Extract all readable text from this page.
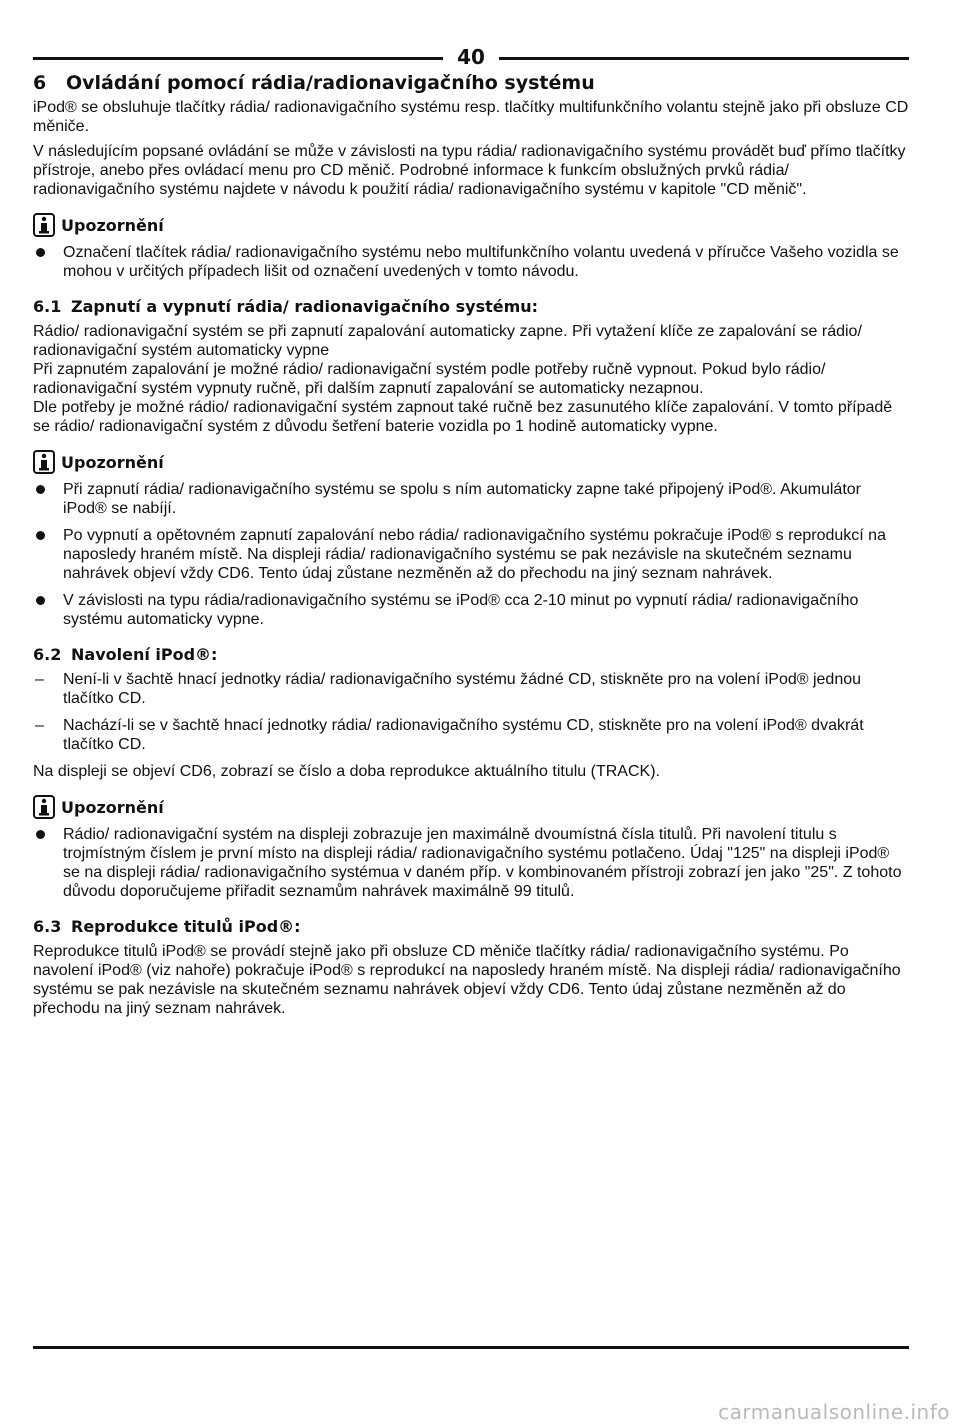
40
6 Ovládání pomocí rádia/radionavigačního systému

iPod® se obsluhuje tlačítky rádia/ radionavigačního systému resp. tlačítky multifunkčního volantu stejně jako při obsluze CD měniče.

V následujícím popsané ovládání se může v závislosti na typu rádia/ radionavigačního systému provádět buď přímo tlačítky přístroje, anebo přes ovládací menu pro CD měnič. Podrobné informace k funkcím obslužných prvků rádia/ radionavigačního systému najdete v návodu k použití rádia/ radionavigačního systému v kapitole "CD měnič".

Upozornění
Označení tlačítek rádia/ radionavigačního systému nebo multifunkčního volantu uvedená v příručce Vašeho vozidla se mohou v určitých případech lišit od označení uvedených v tomto návodu.
6.1 Zapnutí a vypnutí rádia/ radionavigačního systému:

Rádio/ radionavigační systém se při zapnutí zapalování automaticky zapne. Při vytažení klíče ze zapalování se rádio/ radionavigační systém automaticky vypne

Při zapnutém zapalování je možné rádio/ radionavigační systém podle potřeby ručně vypnout. Pokud bylo rádio/ radionavigační systém vypnuty ručně, při dalším zapnutí zapalování se automaticky nezapnou.

Dle potřeby je možné rádio/ radionavigační systém zapnout také ručně bez zasunutého klíče zapalování. V tomto případě se rádio/ radionavigační systém z důvodu šetření baterie vozidla po 1 hodině automaticky vypne.

Upozornění
Při zapnutí rádia/ radionavigačního systému se spolu s ním automaticky zapne také připojený iPod®. Akumulátor iPod® se nabíjí.
Po vypnutí a opětovném zapnutí zapalování nebo rádia/ radionavigačního systému pokračuje iPod® s reprodukcí na naposledy hraném místě. Na displeji rádia/ radionavigačního systému se pak nezávisle na skutečném seznamu nahrávek objeví vždy CD6. Tento údaj zůstane nezměněn až do přechodu na jiný seznam nahrávek.
V závislosti na typu rádia/radionavigačního systému se iPod® cca 2-10 minut po vypnutí rádia/ radionavigačního systému automaticky vypne.
6.2 Navolení iPod®:
– Není-li v šachtě hnací jednotky rádia/ radionavigačního systému žádné CD, stiskněte pro na volení iPod® jednou tlačítko CD.
– Nachází-li se v šachtě hnací jednotky rádia/ radionavigačního systému CD, stiskněte pro na volení iPod® dvakrát tlačítko CD.

Na displeji se objeví CD6, zobrazí se číslo a doba reprodukce aktuálního titulu (TRACK).

Upozornění
Rádio/ radionavigační systém na displeji zobrazuje jen maximálně dvoumístná čísla titulů. Při navolení titulu s trojmístným číslem je první místo na displeji rádia/ radionavigačního systému potlačeno. Údaj "125" na displeji iPod® se na displeji rádia/ radionavigačního systémua v daném příp. v kombinovaném přístroji zobrazí jen jako "25". Z tohoto důvodu doporučujeme přiřadit seznamům nahrávek maximálně 99 titulů.
6.3 Reprodukce titulů iPod®:

Reprodukce titulů iPod® se provádí stejně jako při obsluze CD měniče tlačítky rádia/ radionavigačního systému. Po navolení iPod® (viz nahoře) pokračuje iPod® s reprodukcí na naposledy hraném místě. Na displeji rádia/ radionavigačního systému se pak nezávisle na skutečném seznamu nahrávek objeví vždy CD6. Tento údaj zůstane nezměněn až do přechodu na jiný seznam nahrávek.

carmanualsonline.info
